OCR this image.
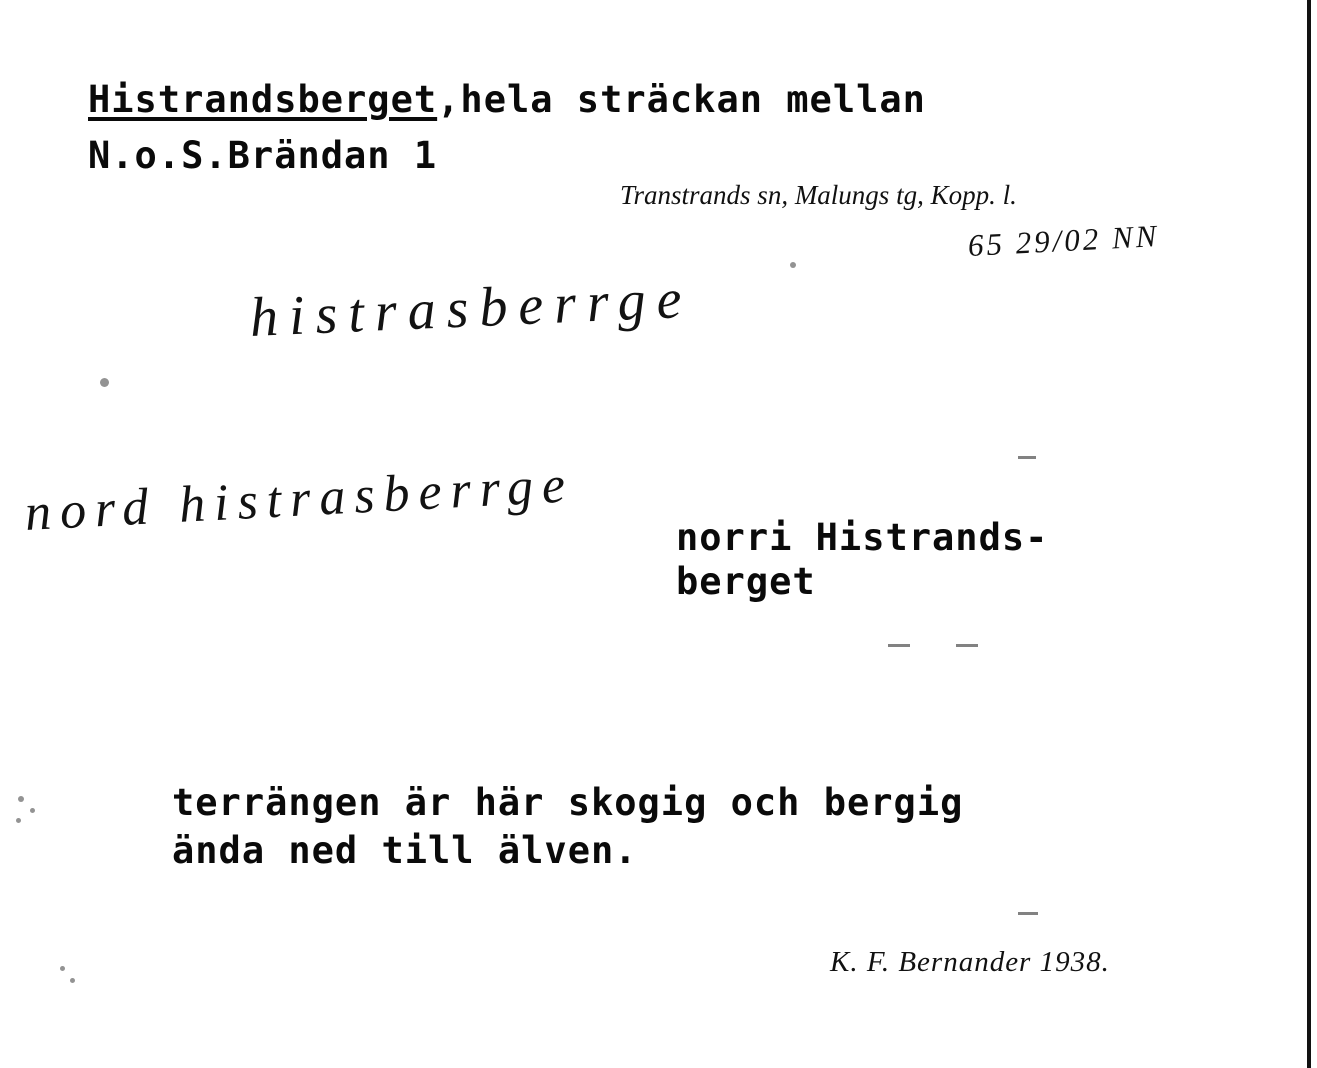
Histrandsberget,hela sträckan mellan
N.o.S.Brändan 1
Transtrands sn, Malungs tg, Kopp. l.
65 29/02 NN
histrasberrge
nord histrasberrge	norri Histrands-
berget
terrängen är här skogig och bergig
ända ned till älven.
K. F. Bernander 1938.
